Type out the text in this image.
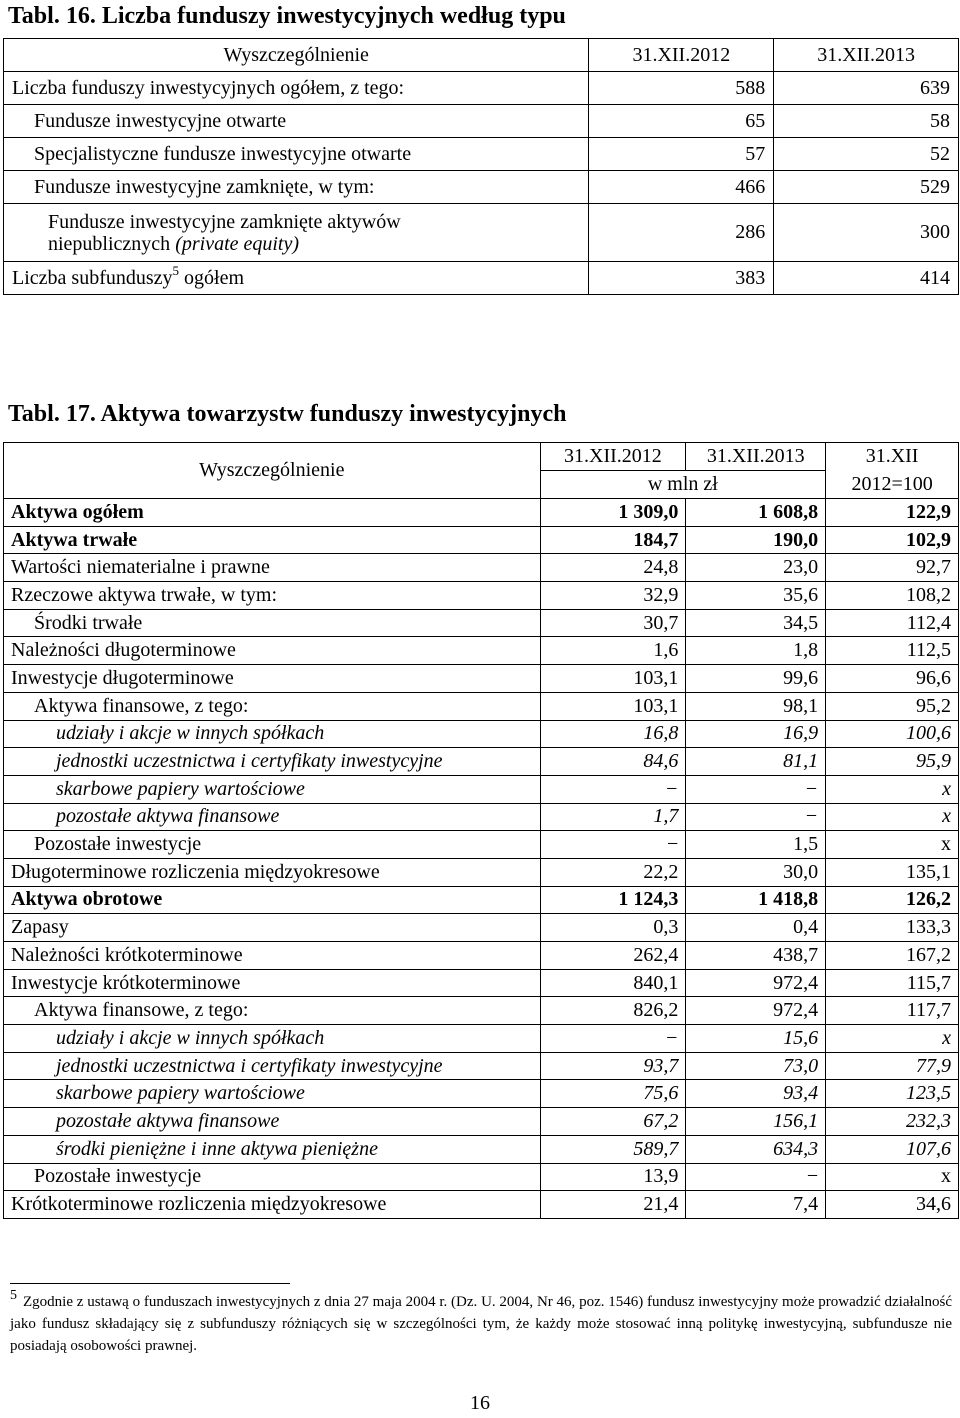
Tabl. 16. Liczba funduszy inwestycyjnych według typu
Wyszczególnienie	31.XII.2012	31.XII.2013
Liczba funduszy inwestycyjnych ogółem, z tego:	588	639
Fundusze inwestycyjne otwarte	65	58
Specjalistyczne fundusze inwestycyjne otwarte	57	52
Fundusze inwestycyjne zamknięte, w tym:	466	529
Fundusze inwestycyjne zamknięte aktywów
niepublicznych (private equity)	286	300
Liczba subfunduszy$^5$ ogółem	383	414
Tabl. 17. Aktywa towarzystw funduszy inwestycyjnych
Wyszczególnienie	31.XII.2012	31.XII.2013	31.XII
	w mln zł		2012=100
Aktywa ogółem	1 309,0	1 608,8	122,9
Aktywa trwałe	184,7	190,0	102,9
Wartości niematerialne i prawne	24,8	23,0	92,7
Rzeczowe aktywa trwałe, w tym:	32,9	35,6	108,2
Środki trwałe	30,7	34,5	112,4
Należności długoterminowe	1,6	1,8	112,5
Inwestycje długoterminowe	103,1	99,6	96,6
Aktywa finansowe, z tego:	103,1	98,1	95,2
udziały i akcje w innych spółkach	16,8	16,9	100,6
jednostki uczestnictwa i certyfikaty inwestycyjne	84,6	81,1	95,9
skarbowe papiery wartościowe	−	−	x
pozostałe aktywa finansowe	1,7	−	x
Pozostałe inwestycje	−	1,5	x
Długoterminowe rozliczenia międzyokresowe	22,2	30,0	135,1
Aktywa obrotowe	1 124,3	1 418,8	126,2
Zapasy	0,3	0,4	133,3
Należności krótkoterminowe	262,4	438,7	167,2
Inwestycje krótkoterminowe	840,1	972,4	115,7
Aktywa finansowe, z tego:	826,2	972,4	117,7
udziały i akcje w innych spółkach	−	15,6	x
jednostki uczestnictwa i certyfikaty inwestycyjne	93,7	73,0	77,9
skarbowe papiery wartościowe	75,6	93,4	123,5
pozostałe aktywa finansowe	67,2	156,1	232,3
środki pieniężne i inne aktywa pieniężne	589,7	634,3	107,6
Pozostałe inwestycje	13,9	−	x
Krótkoterminowe rozliczenia międzyokresowe	21,4	7,4	34,6
$^5$ Zgodnie z ustawą o funduszach inwestycyjnych z dnia 27 maja 2004 r. (Dz. U. 2004, Nr 46, poz. 1546) fundusz inwestycyjny może prowadzić działalność jako fundusz składający się z subfunduszy różniących się w szczególności tym, że każdy może stosować inną politykę inwestycyjną, subfundusze nie posiadają osobowości prawnej.
16
